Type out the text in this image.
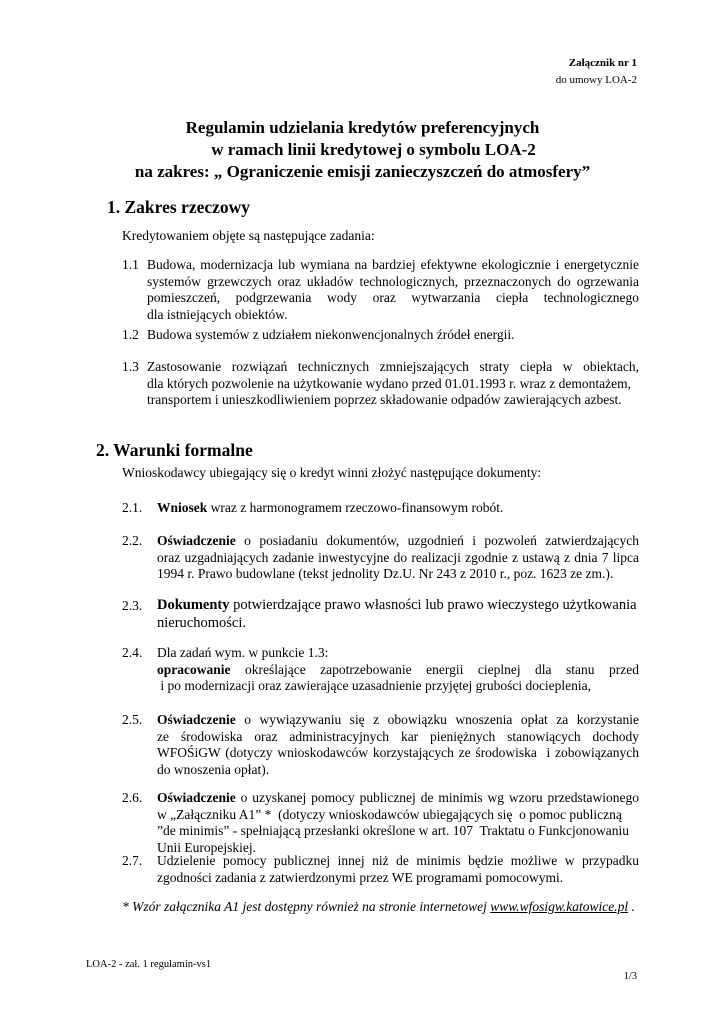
Załącznik nr 1
do umowy LOA-2
Regulamin udzielania kredytów preferencyjnych
w ramach linii kredytowej o symbolu LOA-2
na zakres: „ Ograniczenie emisji zanieczyszczeń do atmosfery”
1. Zakres rzeczowy
Kredytowaniem objęte są następujące zadania:
1.1 Budowa, modernizacja lub wymiana na bardziej efektywne ekologicznie i energetycznie
systemów grzewczych oraz układów technologicznych, przeznaczonych do ogrzewania
pomieszczeń, podgrzewania wody oraz wytwarzania ciepła technologicznego
dla istniejących obiektów.
1.2 Budowa systemów z udziałem niekonwencjonalnych źródeł energii.
1.3 Zastosowanie rozwiązań technicznych zmniejszających straty ciepła w obiektach,
dla których pozwolenie na użytkowanie wydano przed 01.01.1993 r. wraz z demontażem,
transportem i unieszkodliwieniem poprzez składowanie odpadów zawierających azbest.
2. Warunki formalne
Wnioskodawcy ubiegający się o kredyt winni złożyć następujące dokumenty:
2.1. Wniosek wraz z harmonogramem rzeczowo-finansowym robót.
2.2. Oświadczenie o posiadaniu dokumentów, uzgodnień i pozwoleń zatwierdzających
oraz uzgadniających zadanie inwestycyjne do realizacji zgodnie z ustawą z dnia 7 lipca
1994 r. Prawo budowlane (tekst jednolity Dz.U. Nr 243 z 2010 r., poz. 1623 ze zm.).
2.3. Dokumenty potwierdzające prawo własności lub prawo wieczystego użytkowania
nieruchomości.
2.4. Dla zadań wym. w punkcie 1.3:
opracowanie określające zapotrzebowanie energii cieplnej dla stanu przed
i po modernizacji oraz zawierające uzasadnienie przyjętej grubości docieplenia,
2.5. Oświadczenie o wywiązywaniu się z obowiązku wnoszenia opłat za korzystanie
ze środowiska oraz administracyjnych kar pieniężnych stanowiących dochody
WFOŚiGW (dotyczy wnioskodawców korzystających ze środowiska  i zobowiązanych
do wnoszenia opłat).
2.6. Oświadczenie o uzyskanej pomocy publicznej de minimis wg wzoru przedstawionego
w „Załączniku A1” *  (dotyczy wnioskodawców ubiegających się  o pomoc publiczną
”de minimis” - spełniającą przesłanki określone w art. 107  Traktatu o Funkcjonowaniu
Unii Europejskiej.
2.7. Udzielenie pomocy publicznej innej niż de minimis będzie możliwe w przypadku
zgodności zadania z zatwierdzonymi przez WE programami pomocowymi.
* Wzór załącznika A1 jest dostępny również na stronie internetowej www.wfosigw.katowice.pl .
LOA-2 - zał. 1 regulamin-vs1
1/3
